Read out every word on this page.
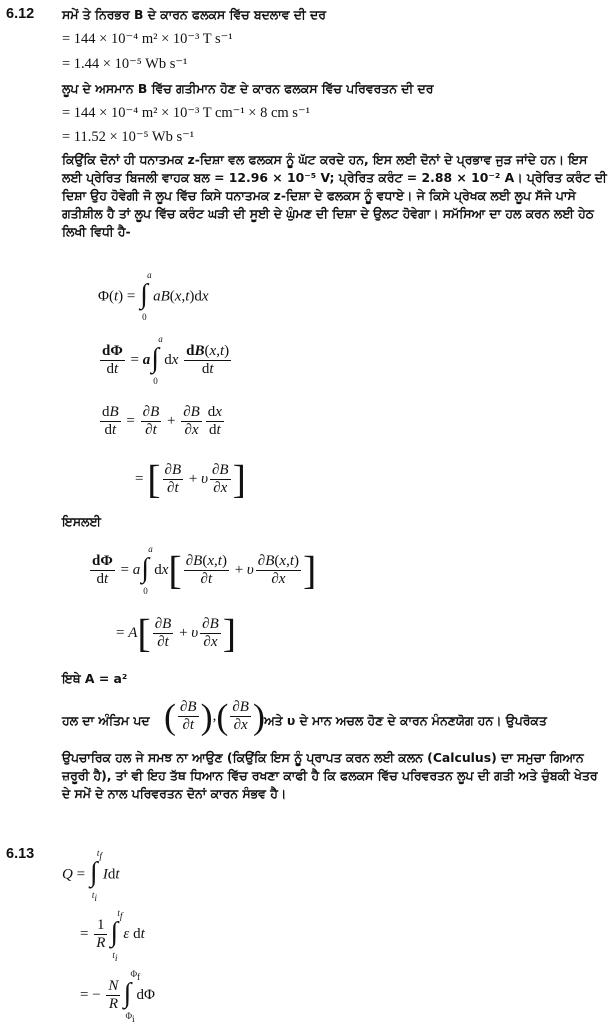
6.12 ਸਮੇਂ ਤੇ ਨਿਰਭਰ B ਦੇ ਕਾਰਨ ਫਲਕਸ ਵਿੱਚ ਬਦਲਾਵ ਦੀ ਦਰ
= 144 × 10⁻⁴ m² × 10⁻³ T s⁻¹
= 1.44 × 10⁻⁵ Wb s⁻¹
ਲੂਪ ਦੇ ਅਸਮਾਨ B ਵਿੱਚ ਗਤੀਮਾਨ ਹੋਣ ਦੇ ਕਾਰਨ ਫਲਕਸ ਵਿੱਚ ਪਰਿਵਰਤਨ ਦੀ ਦਰ
= 144 × 10⁻⁴ m² × 10⁻³ T cm⁻¹ × 8 cm s⁻¹
= 11.52 × 10⁻⁵ Wb s⁻¹
ਕਿਉਂਕਿ ਦੋਨਾਂ ਹੀ ਧਨਾਤਮਕ z-ਦਿਸ਼ਾ ਵਲ ਫਲਕਸ ਨੂੰ ਘੱਟ ਕਰਦੇ ਹਨ, ਇਸ ਲਈ ਦੋਨਾਂ ਦੇ ਪ੍ਰਭਾਵ ਜੁੜ ਜਾਂਦੇ ਹਨ। ਇਸ ਲਈ ਪ੍ਰੇਰਿਤ ਬਿਜਲੀ ਵਾਹਕ ਬਲ = 12.96 × 10⁻⁵ V; ਪ੍ਰੇਰਿਤ ਕਰੰਟ = 2.88 × 10⁻² A। ਪ੍ਰੇਰਿਤ ਕਰੰਟ ਦੀ ਦਿਸ਼ਾ ਉਹ ਹੋਵੇਗੀ ਜੋ ਲੂਪ ਵਿੱਚ ਕਿਸੇ ਧਨਾਤਮਕ z-ਦਿਸ਼ਾ ਦੇ ਫਲਕਸ ਨੂੰ ਵਧਾਏ। ਜੇ ਕਿਸੇ ਪ੍ਰੇਖਕ ਲਈ ਲੂਪ ਸੱਜੇ ਪਾਸੇ ਗਤੀਸ਼ੀਲ ਹੈ ਤਾਂ ਲੂਪ ਵਿੱਚ ਕਰੰਟ ਘੜੀ ਦੀ ਸੂਈ ਦੇ ਘੁੰਮਣ ਦੀ ਦਿਸ਼ਾ ਦੇ ਉਲਟ ਹੋਵੇਗਾ। ਸਮੱਸਿਆ ਦਾ ਹਲ ਕਰਨ ਲਈ ਹੇਠ ਲਿਖੀ ਵਿਧੀ ਹੈ-
Φ(t) = ∫
a
0
aB(x,t)dx
$\frac{d\Phi}{dt} = a$ ∫
a
0
dx $\frac{dB(x,t)}{dt}$
$\frac{dB}{dt} = \frac{\partial B}{\partial t} + \frac{\partial B}{\partial x} \frac{dx}{dt}$
= [ $\frac{\partial B}{\partial t} + \upsilon \frac{\partial B}{\partial x}$ ]
ਇਸਲਈ
$\frac{d\Phi}{dt} = a$ ∫
a
0
$dx[ \frac{\partial B(x,t)}{\partial t} + \upsilon \frac{\partial B(x,t)}{\partial x}$ ]
= $A[ \frac{\partial B}{\partial t} + \upsilon \frac{\partial B}{\partial x}$ ]
ਇਥੇ A = a²
ਹਲ ਦਾ ਅੰਤਿਮ ਪਦ ( $\frac{\partial B}{\partial t}$ ),( $\frac{\partial B}{\partial x}$ ) ਅਤੇ υ ਦੇ ਮਾਨ ਅਚਲ ਹੋਣ ਦੇ ਕਾਰਨ ਮੰਨਣਯੋਗ ਹਨ। ਉਪਰੋਕਤ
ਉਪਚਾਰਿਕ ਹਲ ਜੇ ਸਮਝ ਨਾ ਆਉਣ (ਕਿਉਂਕਿ ਇਸ ਨੂੰ ਪ੍ਰਾਪਤ ਕਰਨ ਲਈ ਕਲਨ (Calculus) ਦਾ ਸਮੁਚਾ ਗਿਆਨ ਜ਼ਰੂਰੀ ਹੈ), ਤਾਂ ਵੀ ਇਹ ਤੱਥ ਧਿਆਨ ਵਿੱਚ ਰਖਣਾ ਕਾਫੀ ਹੈ ਕਿ ਫਲਕਸ ਵਿੱਚ ਪਰਿਵਰਤਨ ਲੂਪ ਦੀ ਗਤੀ ਅਤੇ ਚੁੰਬਕੀ ਖੇਤਰ ਦੇ ਸਮੇਂ ਦੇ ਨਾਲ ਪਰਿਵਰਤਨ ਦੋਨਾਂ ਕਾਰਨ ਸੰਭਵ ਹੈ।
6.13
Q = ∫
$t_f$
$t_i$
Idt
= $\frac{1}{R}$ ∫
$t_f$
$t_i$
ε dt
= − $\frac{N}{R}$ ∫
$\Phi_f$
$\Phi_i$
dΦ
